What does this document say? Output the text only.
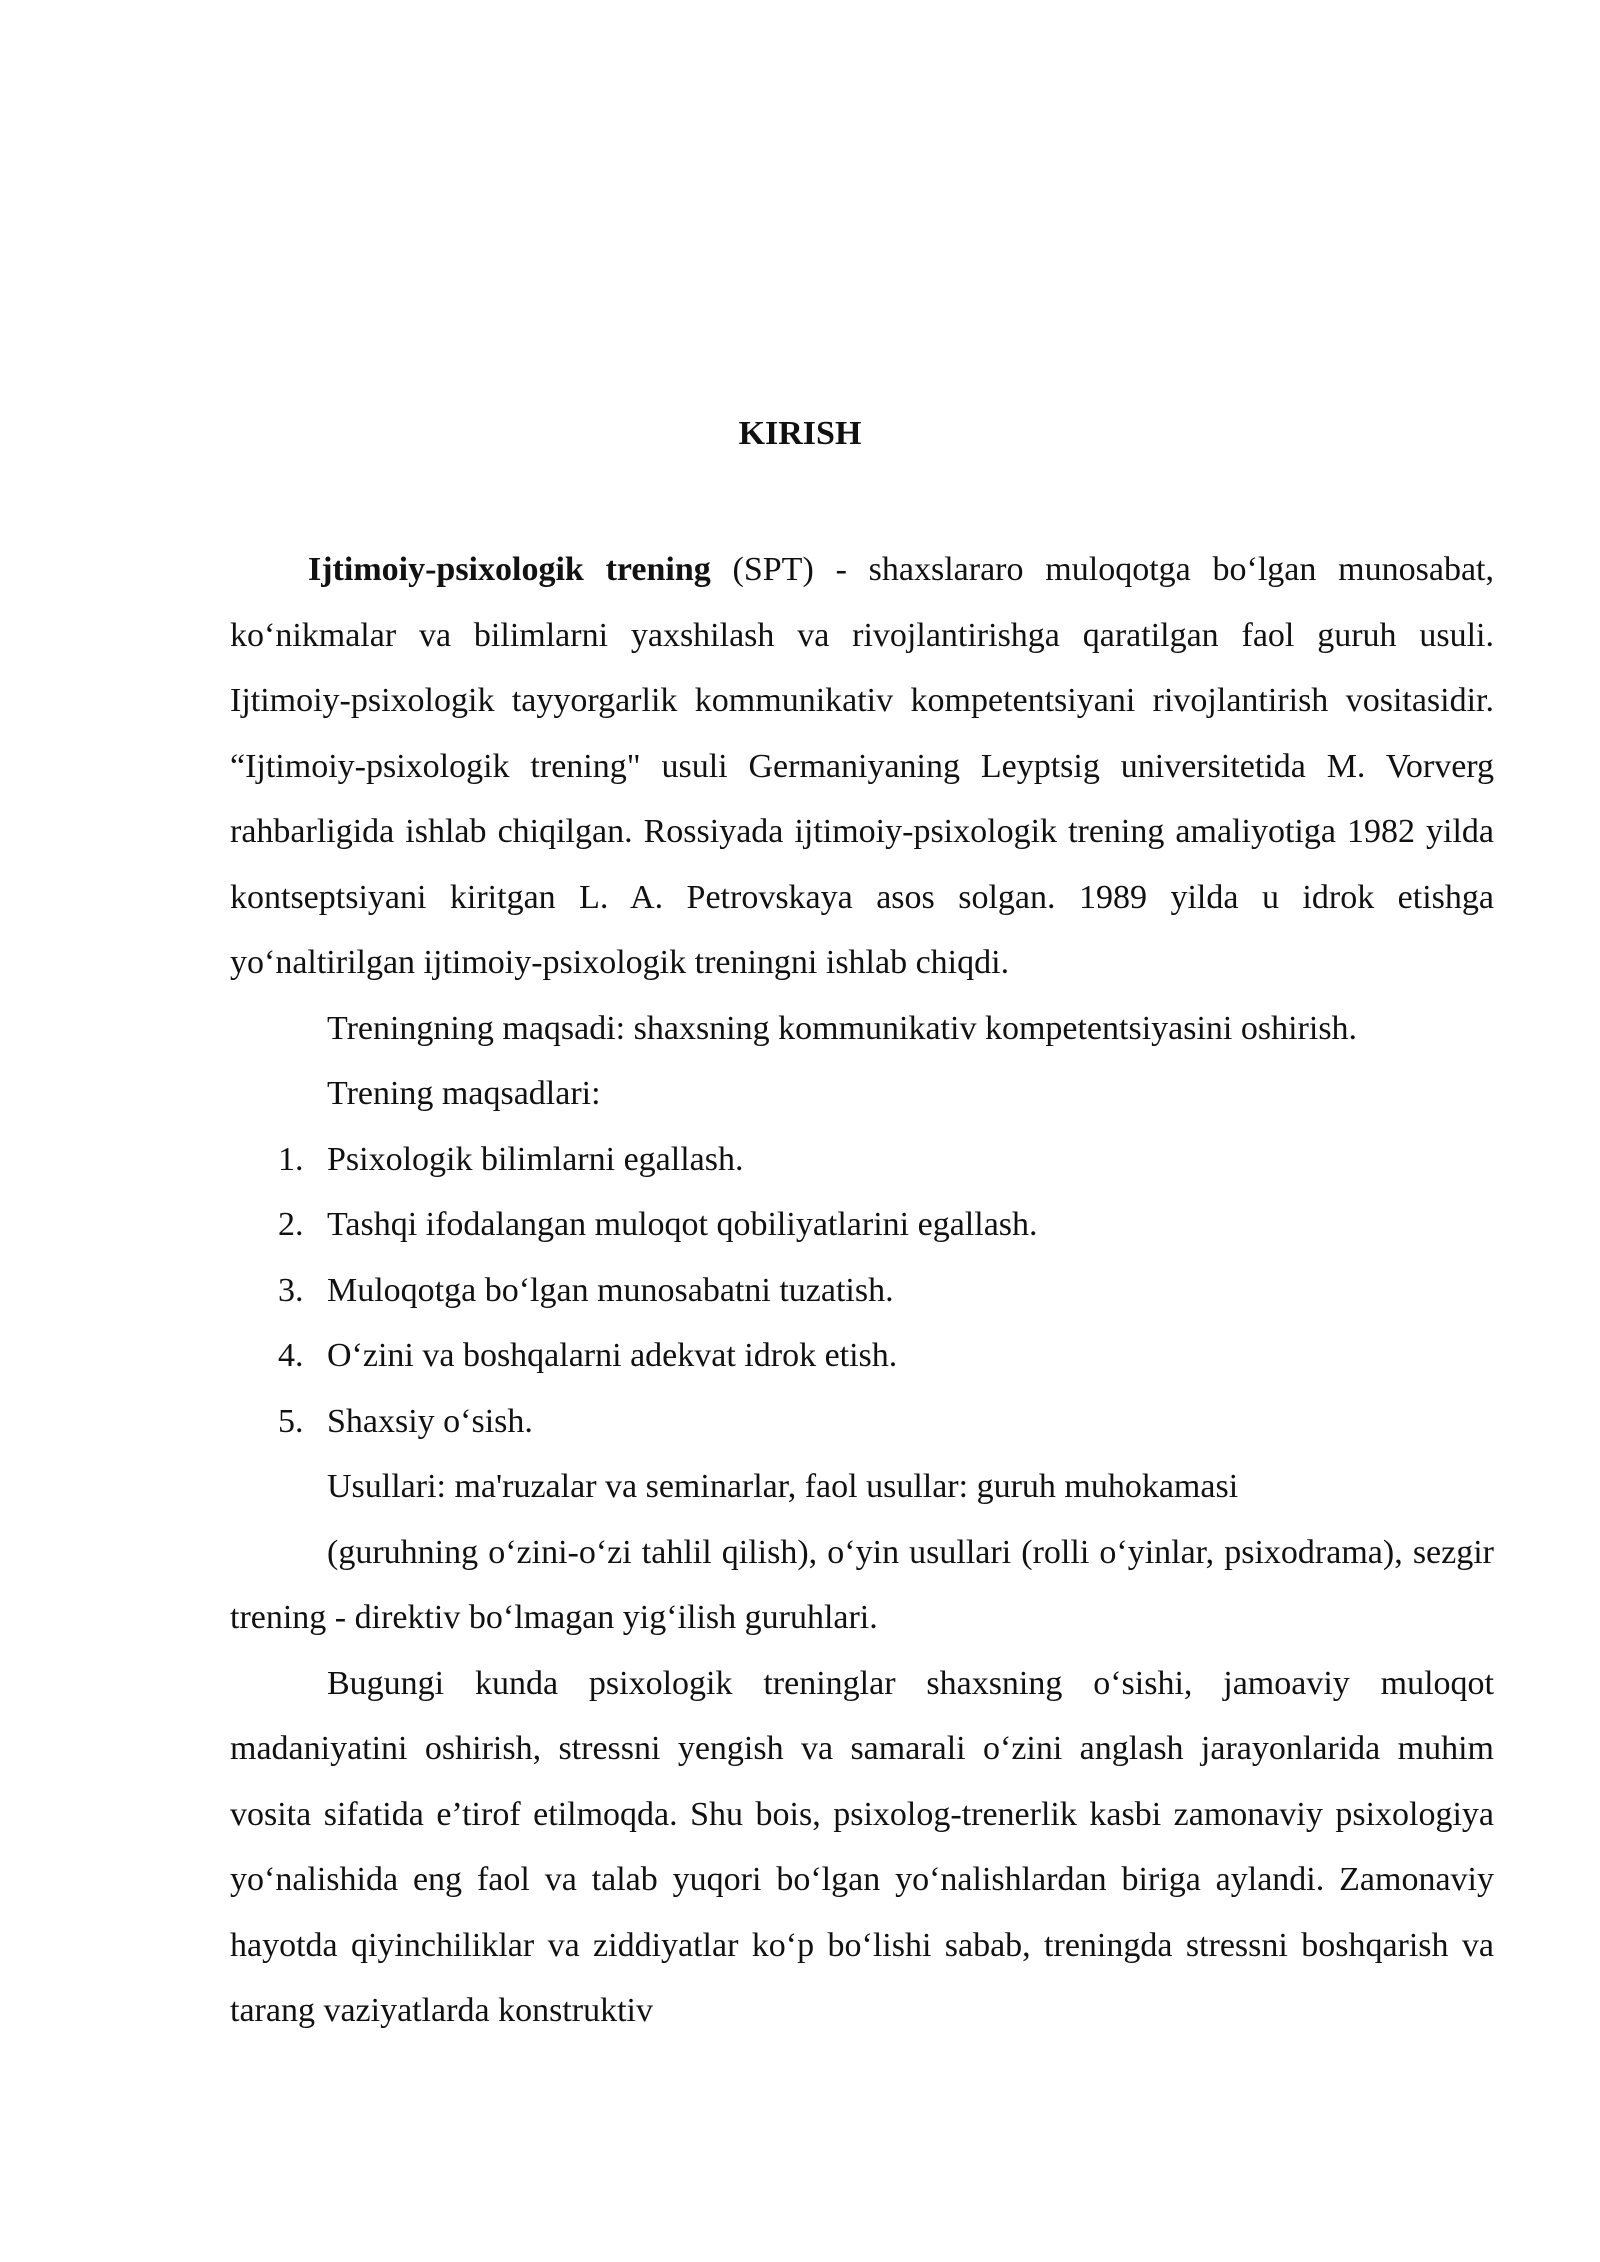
KIRISH

Ijtimoiy-psixologik trening (SPT) - shaxslararo muloqotga bo‘lgan munosabat, ko‘nikmalar va bilimlarni yaxshilash va rivojlantirishga qaratilgan faol guruh usuli. Ijtimoiy-psixologik tayyorgarlik kommunikativ kompetentsiyani rivojlantirish vositasidir. “Ijtimoiy-psixologik trening" usuli Germaniyaning Leyptsig universitetida M. Vorverg rahbarligida ishlab chiqilgan. Rossiyada ijtimoiy-psixologik trening amaliyotiga 1982 yilda kontseptsiyani kiritgan L. A. Petrovskaya asos solgan. 1989 yilda u idrok etishga yo‘naltirilgan ijtimoiy-psixologik treningni ishlab chiqdi.

Treningning maqsadi: shaxsning kommunikativ kompetentsiyasini oshirish.

Trening maqsadlari:

1. Psixologik bilimlarni egallash.
2. Tashqi ifodalangan muloqot qobiliyatlarini egallash.
3. Muloqotga bo‘lgan munosabatni tuzatish.
4. O‘zini va boshqalarni adekvat idrok etish.
5. Shaxsiy o‘sish.

Usullari: ma'ruzalar va seminarlar, faol usullar: guruh muhokamasi

(guruhning o‘zini-o‘zi tahlil qilish), o‘yin usullari (rolli o‘yinlar, psixodrama), sezgir trening - direktiv bo‘lmagan yig‘ilish guruhlari.

Bugungi kunda psixologik treninglar shaxsning o‘sishi, jamoaviy muloqot madaniyatini oshirish, stressni yengish va samarali o‘zini anglash jarayonlarida muhim vosita sifatida e’tirof etilmoqda. Shu bois, psixolog-trenerlik kasbi zamonaviy psixologiya yo‘nalishida eng faol va talab yuqori bo‘lgan yo‘nalishlardan biriga aylandi. Zamonaviy hayotda qiyinchiliklar va ziddiyatlar ko‘p bo‘lishi sabab, treningda stressni boshqarish va tarang vaziyatlarda konstruktiv
